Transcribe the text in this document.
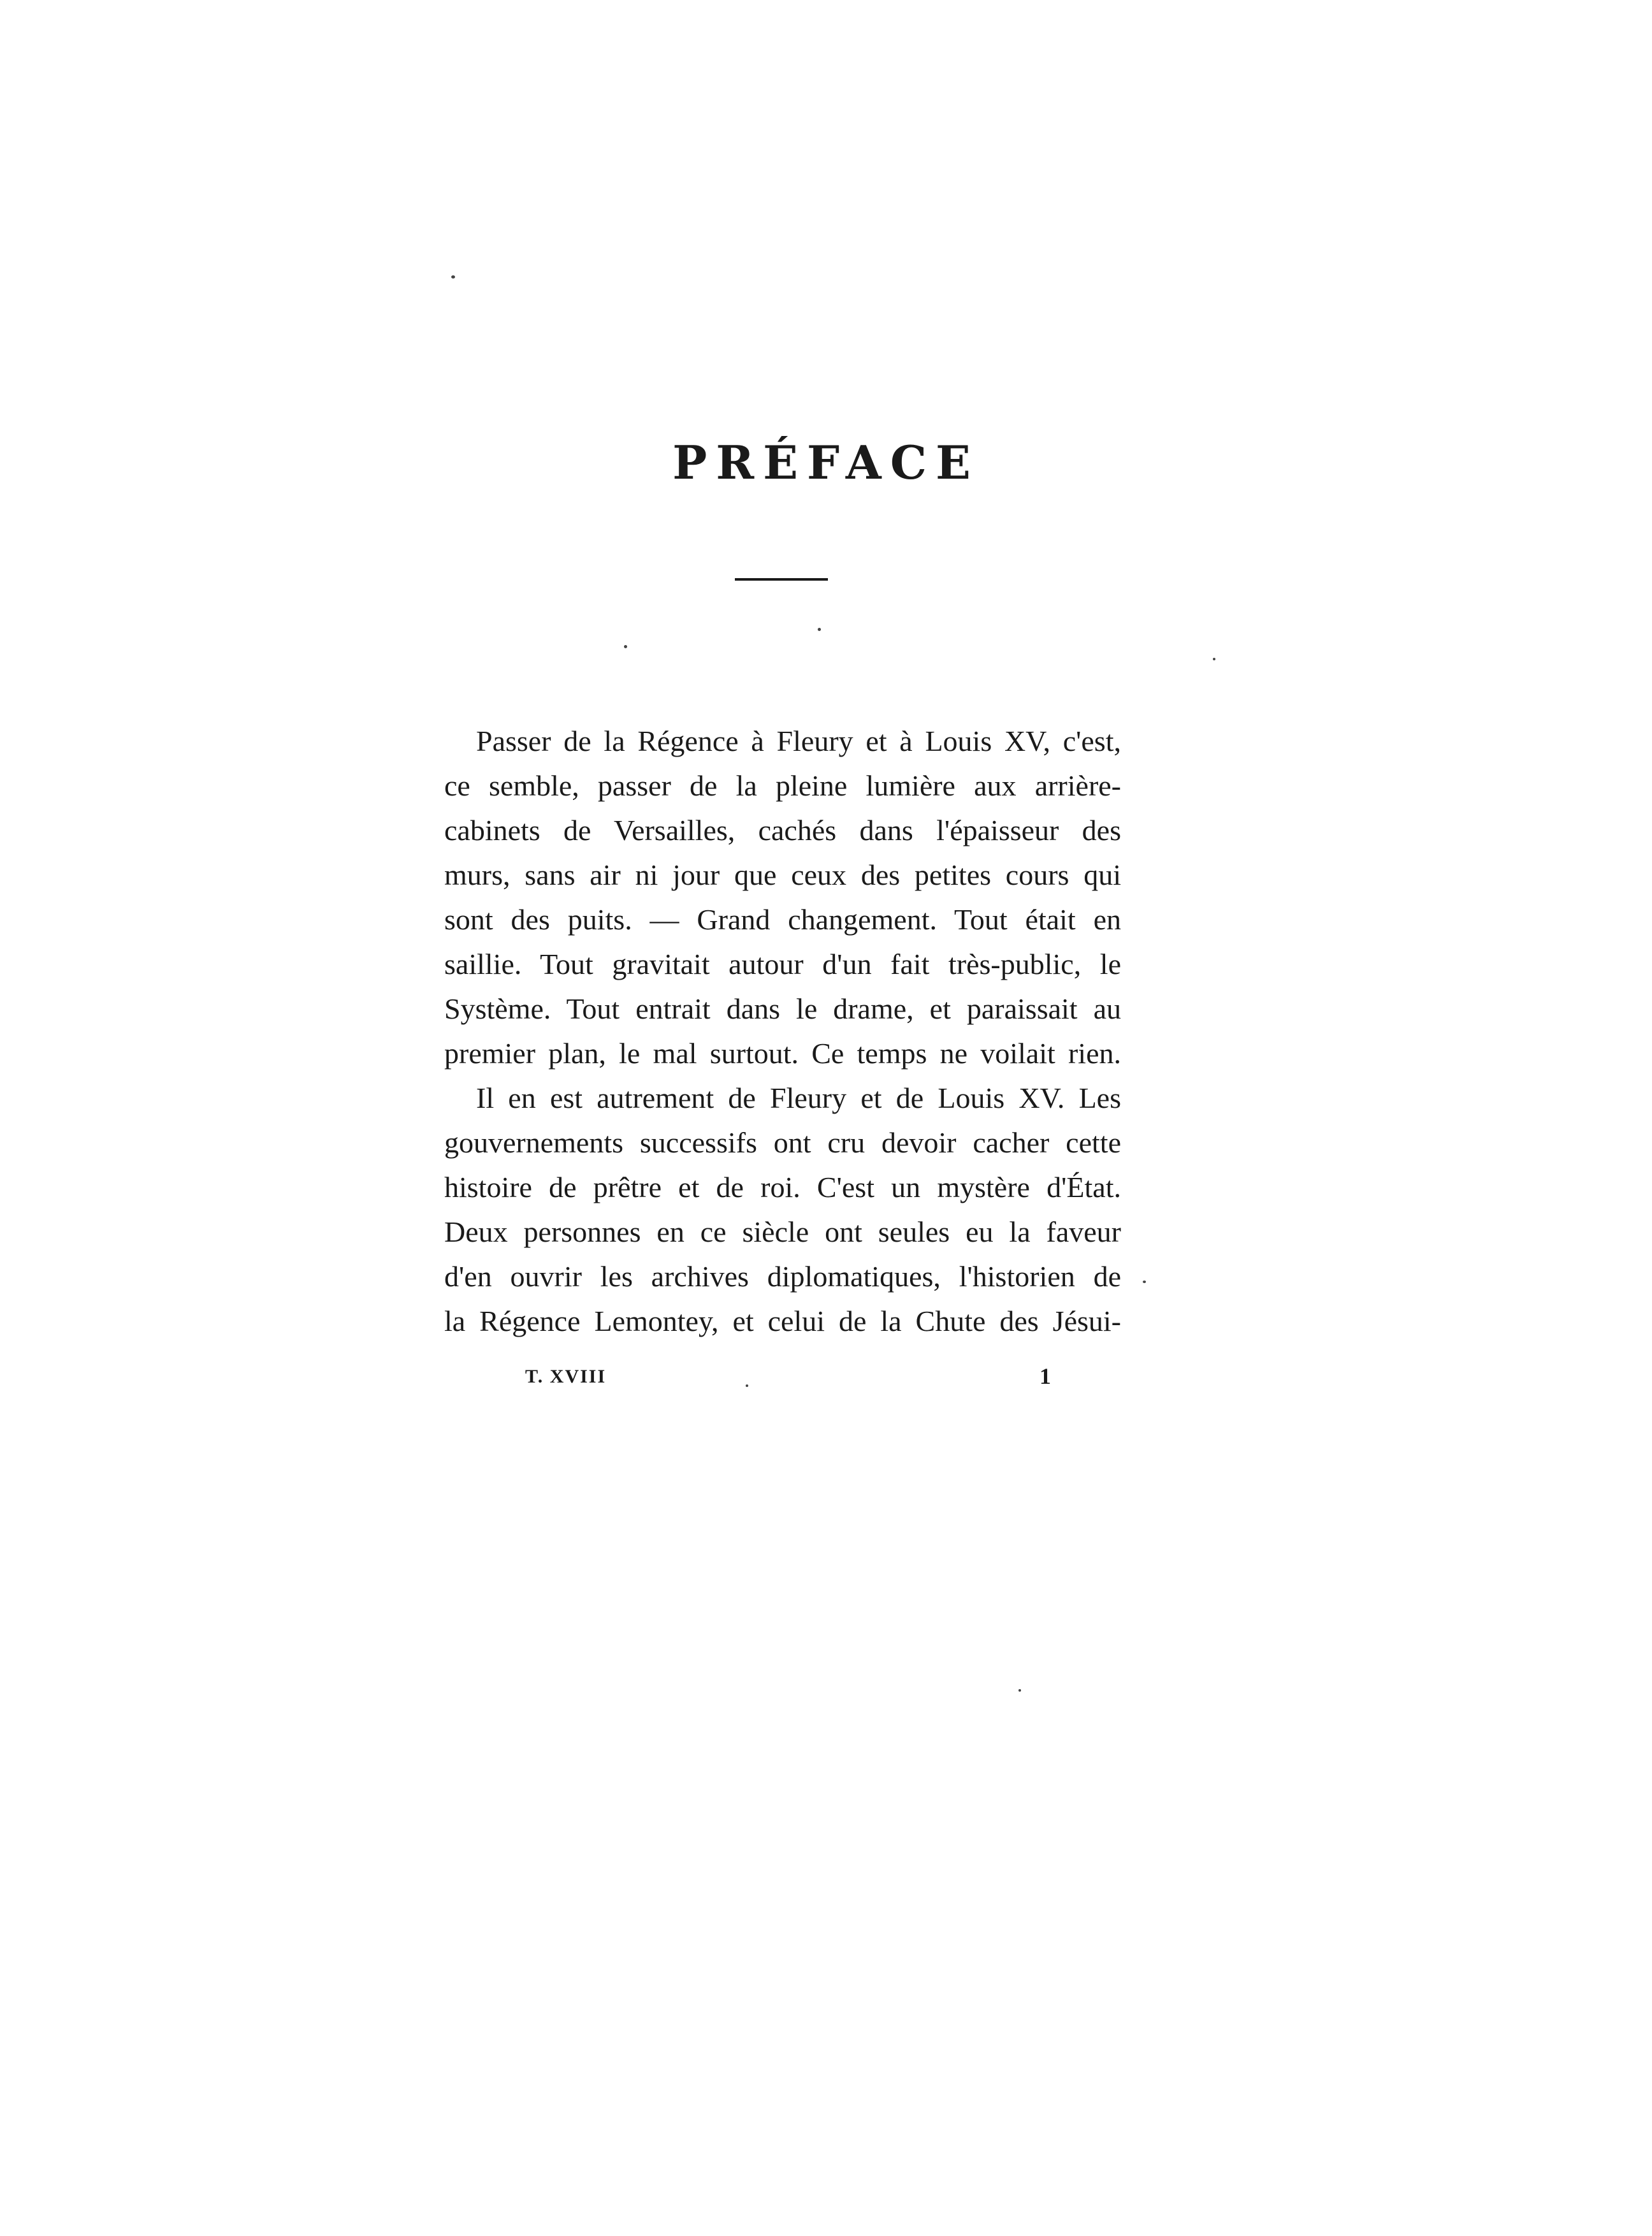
PRÉFACE
Passer de la Régence à Fleury et à Louis XV, c'est,
ce semble, passer de la pleine lumière aux arrière-
cabinets de Versailles, cachés dans l'épaisseur des
murs, sans air ni jour que ceux des petites cours qui
sont des puits. — Grand changement. Tout était en
saillie. Tout gravitait autour d'un fait très-public, le
Système. Tout entrait dans le drame, et paraissait au
premier plan, le mal surtout. Ce temps ne voilait rien.
Il en est autrement de Fleury et de Louis XV. Les
gouvernements successifs ont cru devoir cacher cette
histoire de prêtre et de roi. C'est un mystère d'État.
Deux personnes en ce siècle ont seules eu la faveur
d'en ouvrir les archives diplomatiques, l'historien de
la Régence Lemontey, et celui de la Chute des Jésui-
T. XVIII	1
